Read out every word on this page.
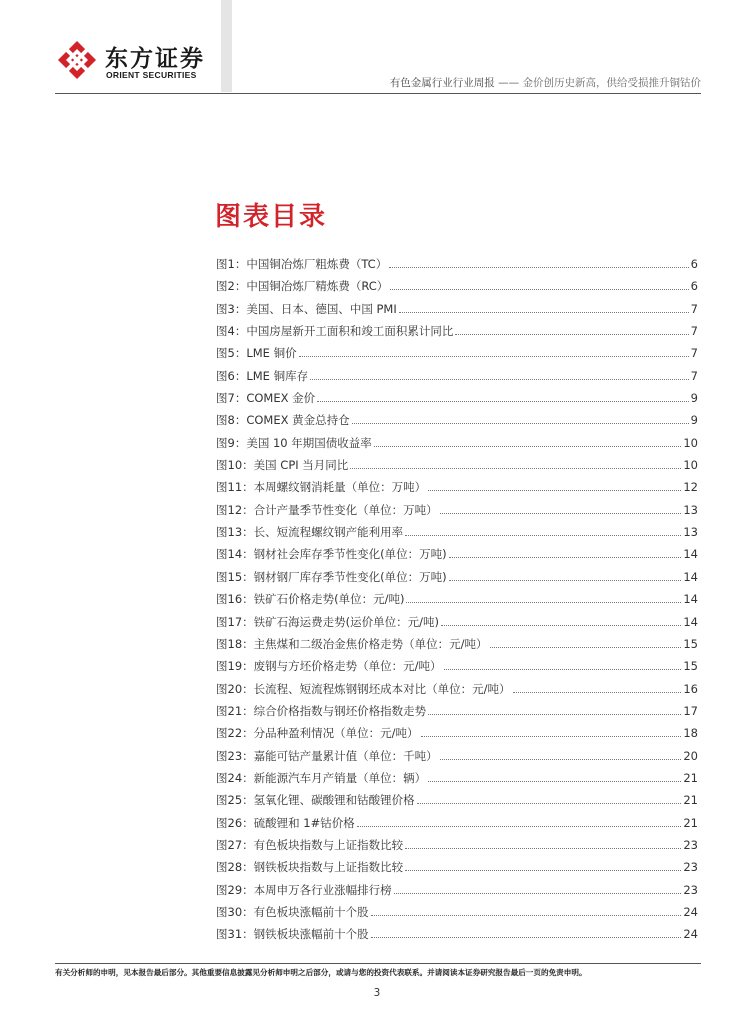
东方证券
ORIENT SECURITIES
有色金属行业行业周报 —— 金价创历史新高，供给受损推升铜钴价
图表目录
图1：中国铜冶炼厂粗炼费（TC）	6
图2：中国铜冶炼厂精炼费（RC）	6
图3：美国、日本、德国、中国 PMI	7
图4：中国房屋新开工面积和竣工面积累计同比	7
图5：LME 铜价	7
图6：LME 铜库存	7
图7：COMEX 金价	9
图8：COMEX 黄金总持仓	9
图9：美国 10 年期国债收益率	10
图10：美国 CPI 当月同比	10
图11：本周螺纹钢消耗量（单位：万吨）	12
图12：合计产量季节性变化（单位：万吨）	13
图13：长、短流程螺纹钢产能利用率	13
图14：钢材社会库存季节性变化(单位：万吨)	14
图15：钢材钢厂库存季节性变化(单位：万吨)	14
图16：铁矿石价格走势(单位：元/吨)	14
图17：铁矿石海运费走势(运价单位：元/吨)	14
图18：主焦煤和二级冶金焦价格走势（单位：元/吨）	15
图19：废钢与方坯价格走势（单位：元/吨）	15
图20：长流程、短流程炼钢钢坯成本对比（单位：元/吨）	16
图21：综合价格指数与钢坯价格指数走势	17
图22：分品种盈利情况（单位：元/吨）	18
图23：嘉能可钴产量累计值（单位：千吨）	20
图24：新能源汽车月产销量（单位：辆）	21
图25：氢氧化锂、碳酸锂和钴酸锂价格	21
图26：硫酸锂和 1#钴价格	21
图27：有色板块指数与上证指数比较	23
图28：钢铁板块指数与上证指数比较	23
图29：本周申万各行业涨幅排行榜	23
图30：有色板块涨幅前十个股	24
图31：钢铁板块涨幅前十个股	24
有关分析师的申明，见本报告最后部分。其他重要信息披露见分析师申明之后部分，或请与您的投资代表联系。并请阅读本证券研究报告最后一页的免责申明。
3
